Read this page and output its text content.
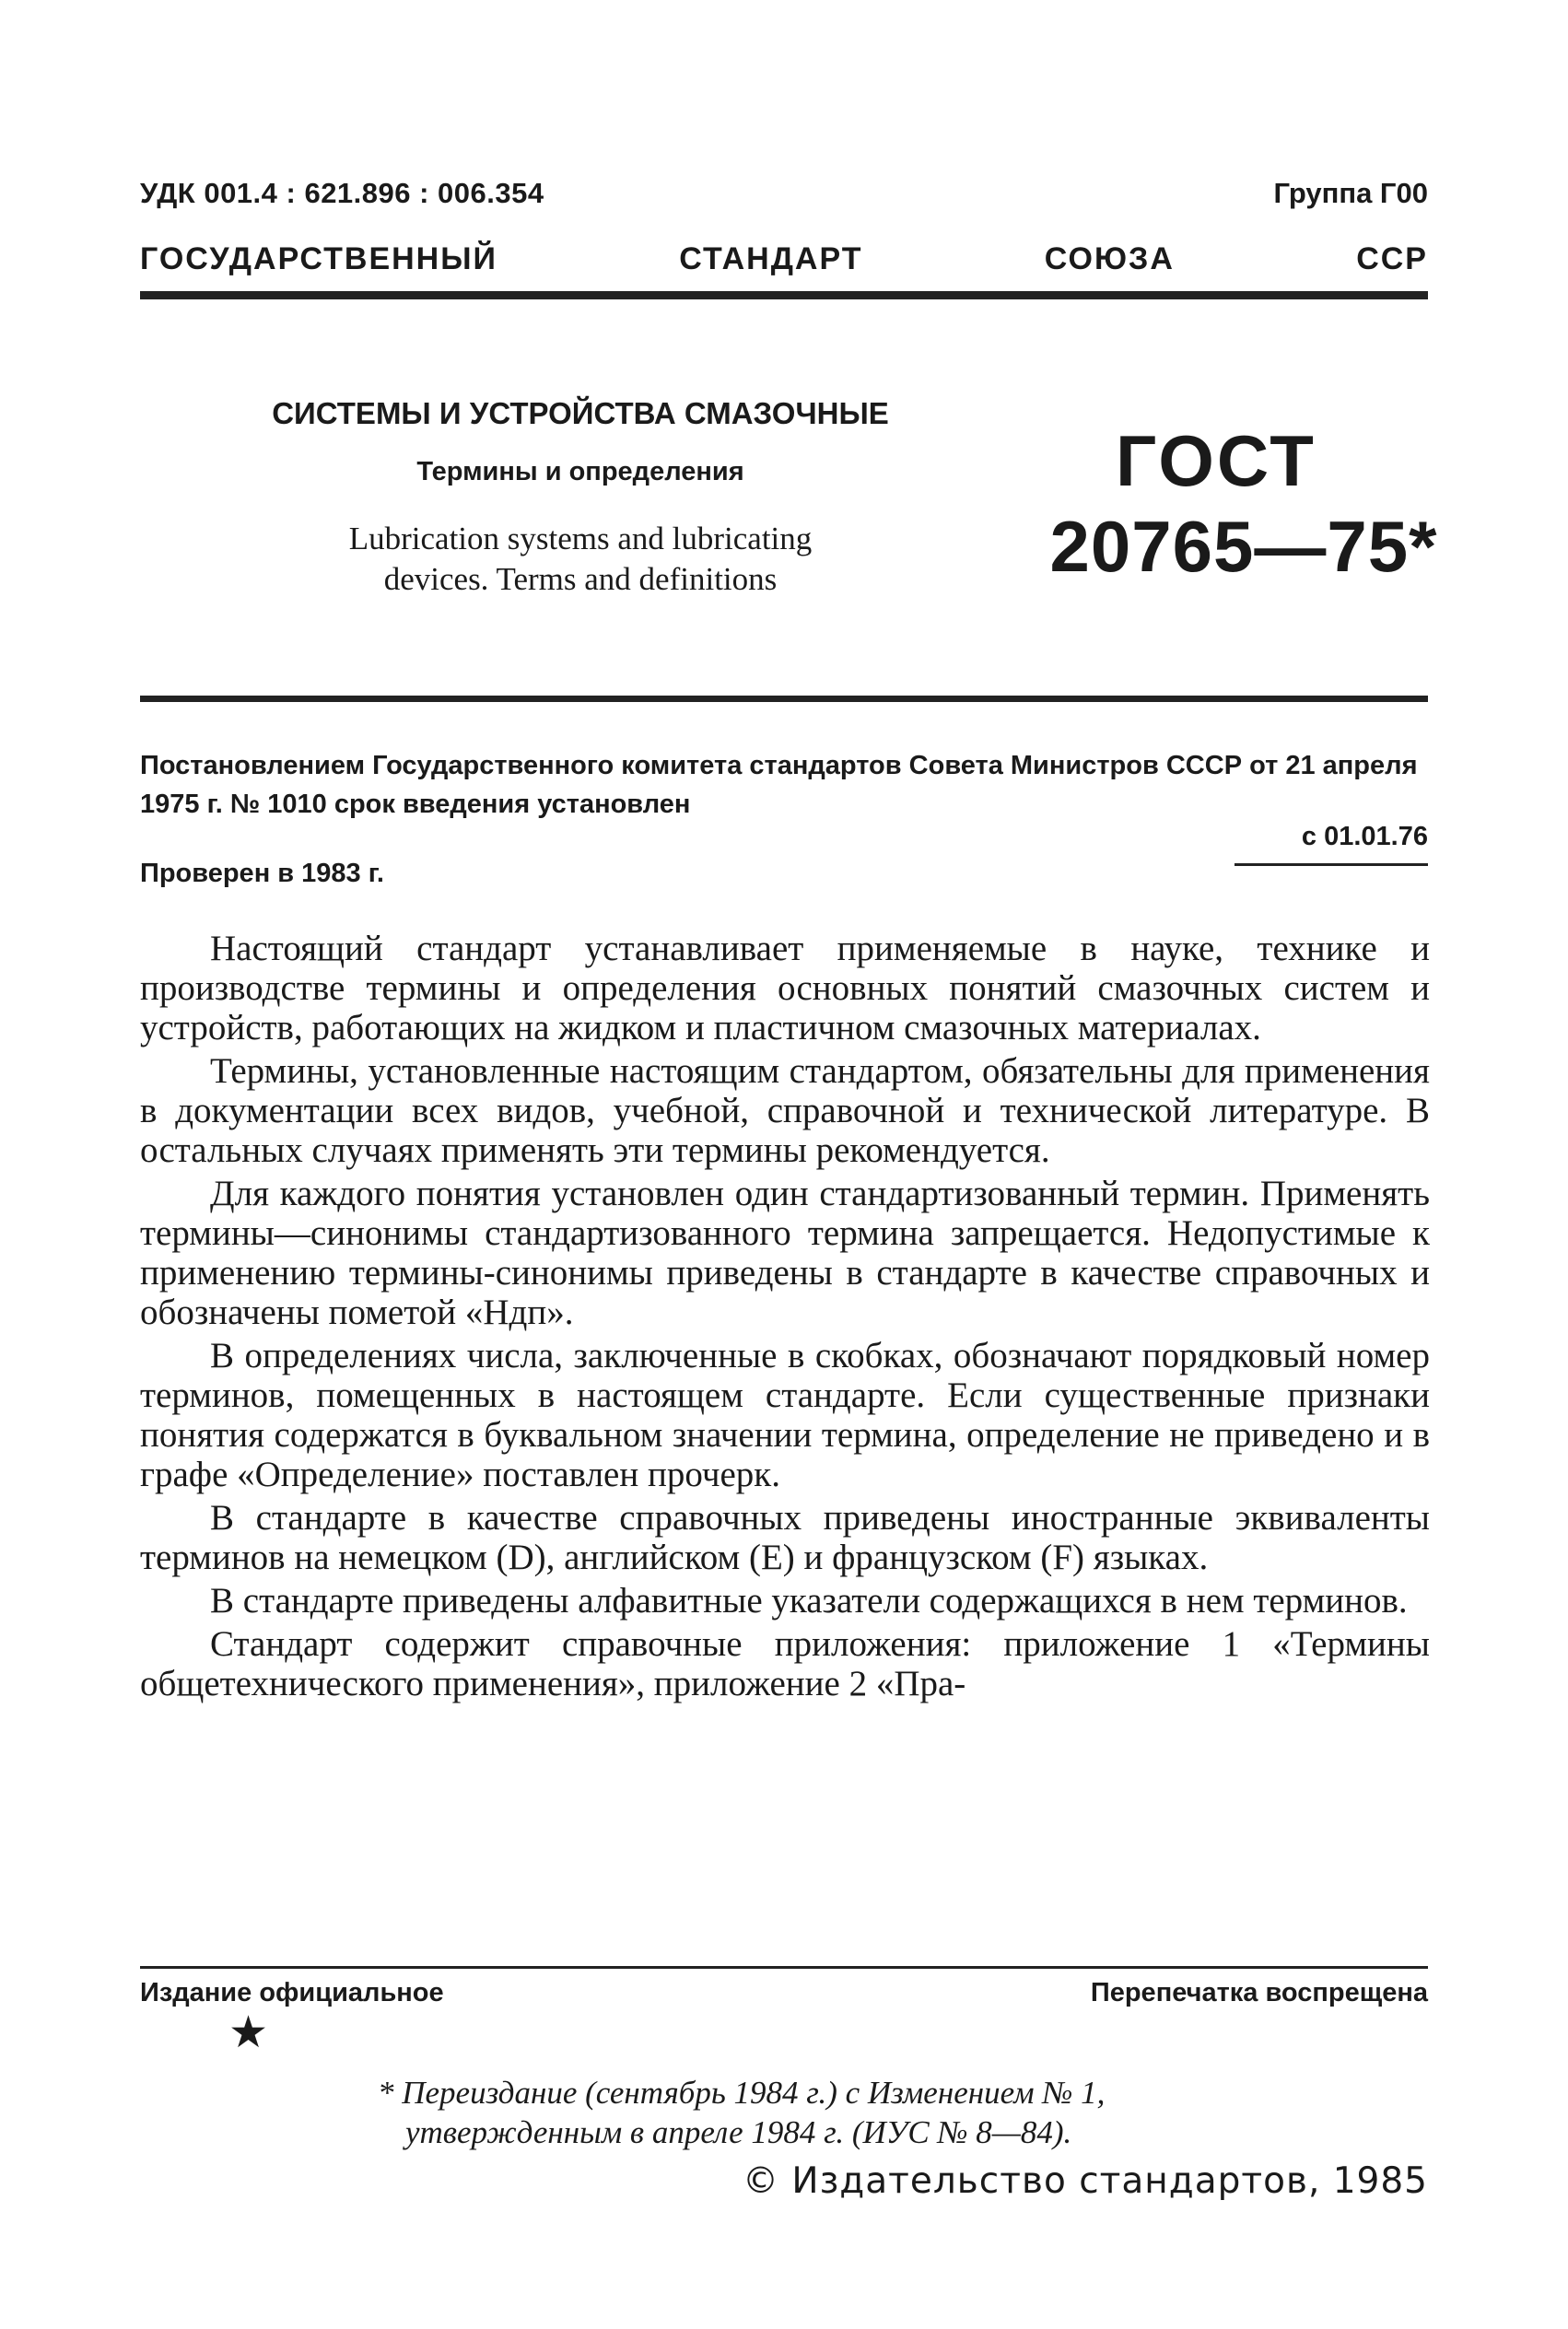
УДК 001.4 : 621.896 : 006.354	Группа Г00
ГОСУДАРСТВЕННЫЙ	СТАНДАРТ	СОЮЗА	ССР
СИСТЕМЫ И УСТРОЙСТВА СМАЗОЧНЫЕ
Термины и определения
Lubrication systems and lubricating
devices. Terms and definitions
ГОСТ
20765—75*
Постановлением Государственного комитета стандартов Совета Министров СССР от 21 апреля 1975 г. № 1010 срок введения установлен
с 01.01.76
Проверен в 1983 г.

Настоящий стандарт устанавливает применяемые в науке, технике и производстве термины и определения основных понятий смазочных систем и устройств, работающих на жидком и пластичном смазочных материалах.

Термины, установленные настоящим стандартом, обязательны для применения в документации всех видов, учебной, справочной и технической литературе. В остальных случаях применять эти термины рекомендуется.

Для каждого понятия установлен один стандартизованный термин. Применять термины—синонимы стандартизованного термина запрещается. Недопустимые к применению термины-синонимы приведены в стандарте в качестве справочных и обозначены пометой «Ндп».

В определениях числа, заключенные в скобках, обозначают порядковый номер терминов, помещенных в настоящем стандарте. Если существенные признаки понятия содержатся в буквальном значении термина, определение не приведено и в графе «Определение» поставлен прочерк.

В стандарте в качестве справочных приведены иностранные эквиваленты терминов на немецком (D), английском (E) и французском (F) языках.

В стандарте приведены алфавитные указатели содержащихся в нем терминов.

Стандарт содержит справочные приложения: приложение 1 «Термины общетехнического применения», приложение 2 «Пра-

Издание официальное	Перепечатка воспрещена
★
* Переиздание (сентябрь 1984 г.) с Изменением № 1,
утвержденным в апреле 1984 г. (ИУС № 8—84).
© Издательство стандартов, 1985
